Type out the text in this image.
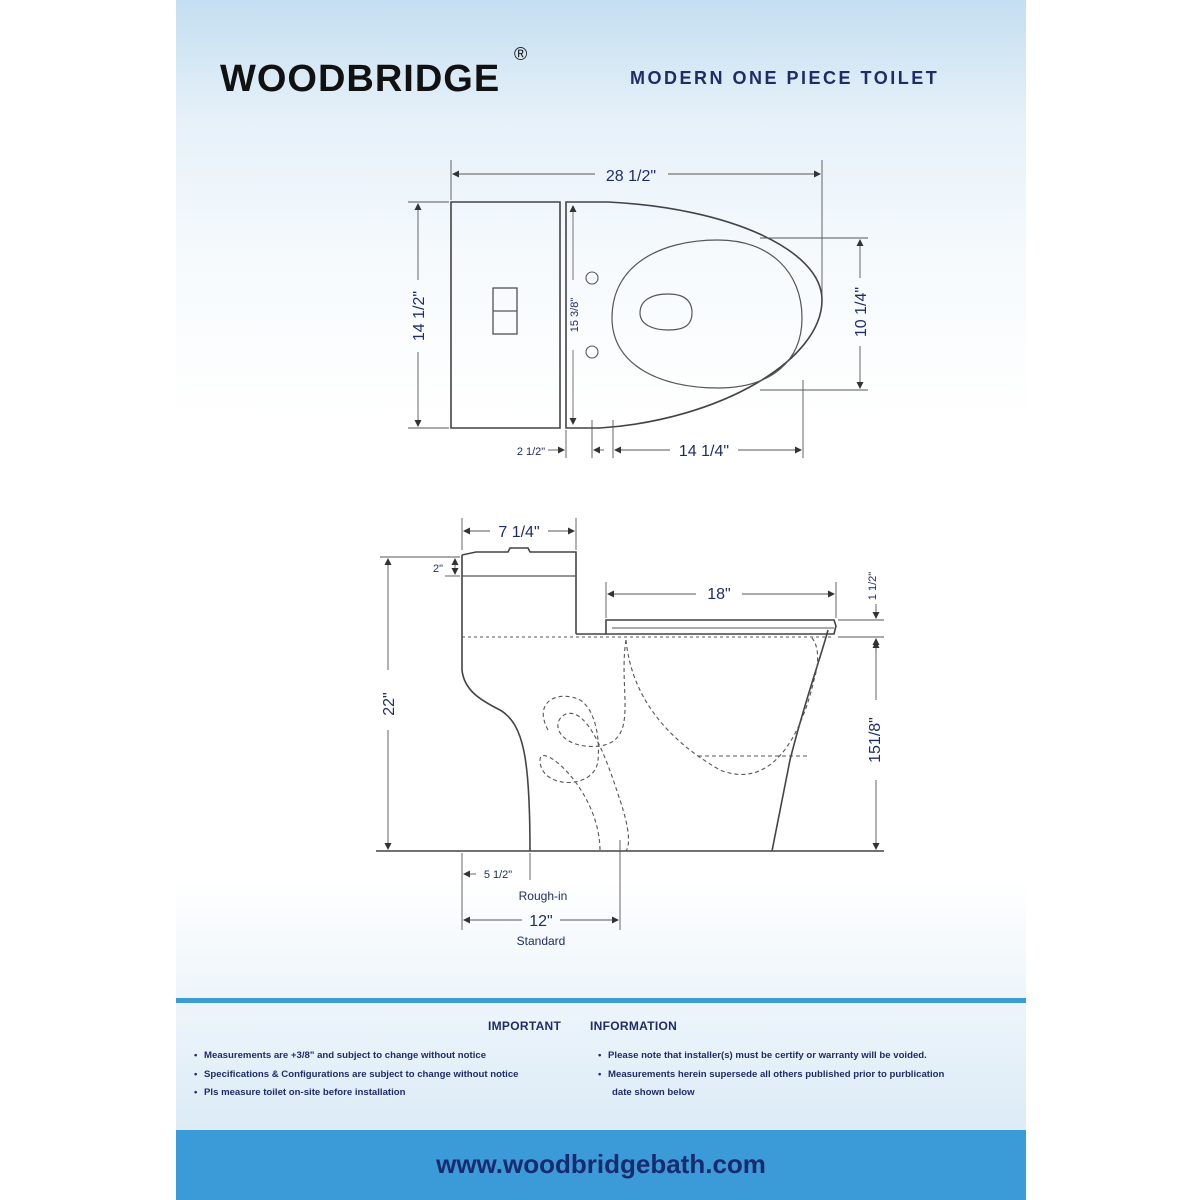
WOODBRIDGE
®
MODERN ONE PIECE TOILET
28 1/2"
14 1/2"	15 3/8"	10 1/4"
2 1/2"	14 1/4"
7 1/4"
2"
18"	1 1/2"
22"
151/8"
5 1/2"
Rough-in
12"
Standard
IMPORTANT INFORMATION
• Measurements are +3/8" and subject to change without notice
• Specifications & Configurations are subject to change without notice
• Pls measure toilet on-site before installation
• Please note that installer(s) must be certify or warranty will be voided.
• Measurements herein supersede all others published prior to purblication
date shown below
www.woodbridgebath.com
